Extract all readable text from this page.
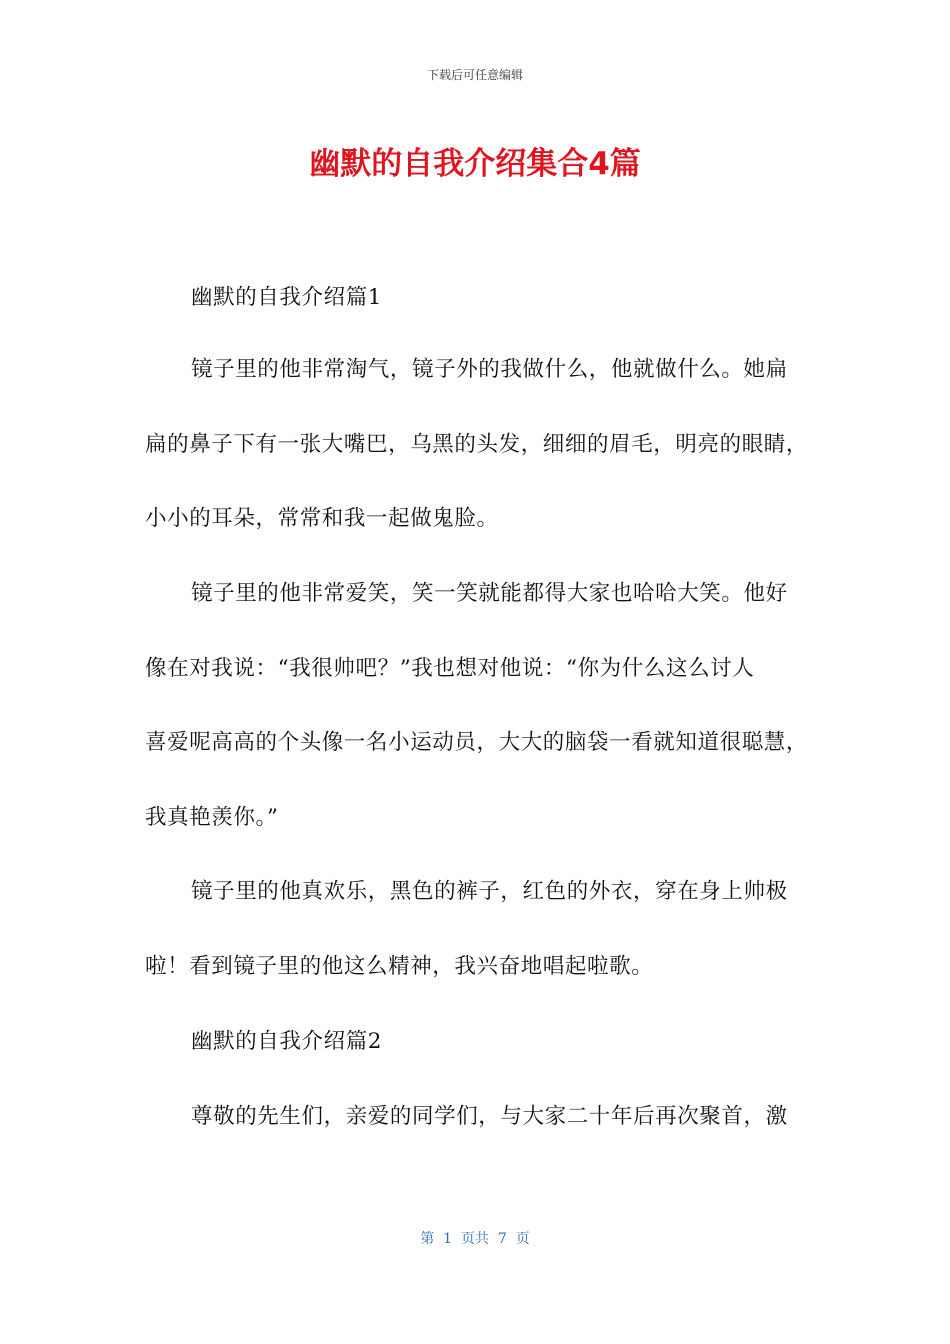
下载后可任意编辑
幽默的自我介绍集合4篇

幽默的自我介绍篇1

镜子里的他非常淘气，镜子外的我做什么，他就做什么。她扁

扁的鼻子下有一张大嘴巴，乌黑的头发，细细的眉毛，明亮的眼睛，

小小的耳朵，常常和我一起做鬼脸。

镜子里的他非常爱笑，笑一笑就能都得大家也哈哈大笑。他好

像在对我说：“我很帅吧？”我也想对他说：“你为什么这么讨人

喜爱呢高高的个头像一名小运动员，大大的脑袋一看就知道很聪慧，

我真艳羡你。”

镜子里的他真欢乐，黑色的裤子，红色的外衣，穿在身上帅极

啦！看到镜子里的他这么精神，我兴奋地唱起啦歌。

幽默的自我介绍篇2

尊敬的先生们，亲爱的同学们，与大家二十年后再次聚首，激

第  1  页共  7  页
